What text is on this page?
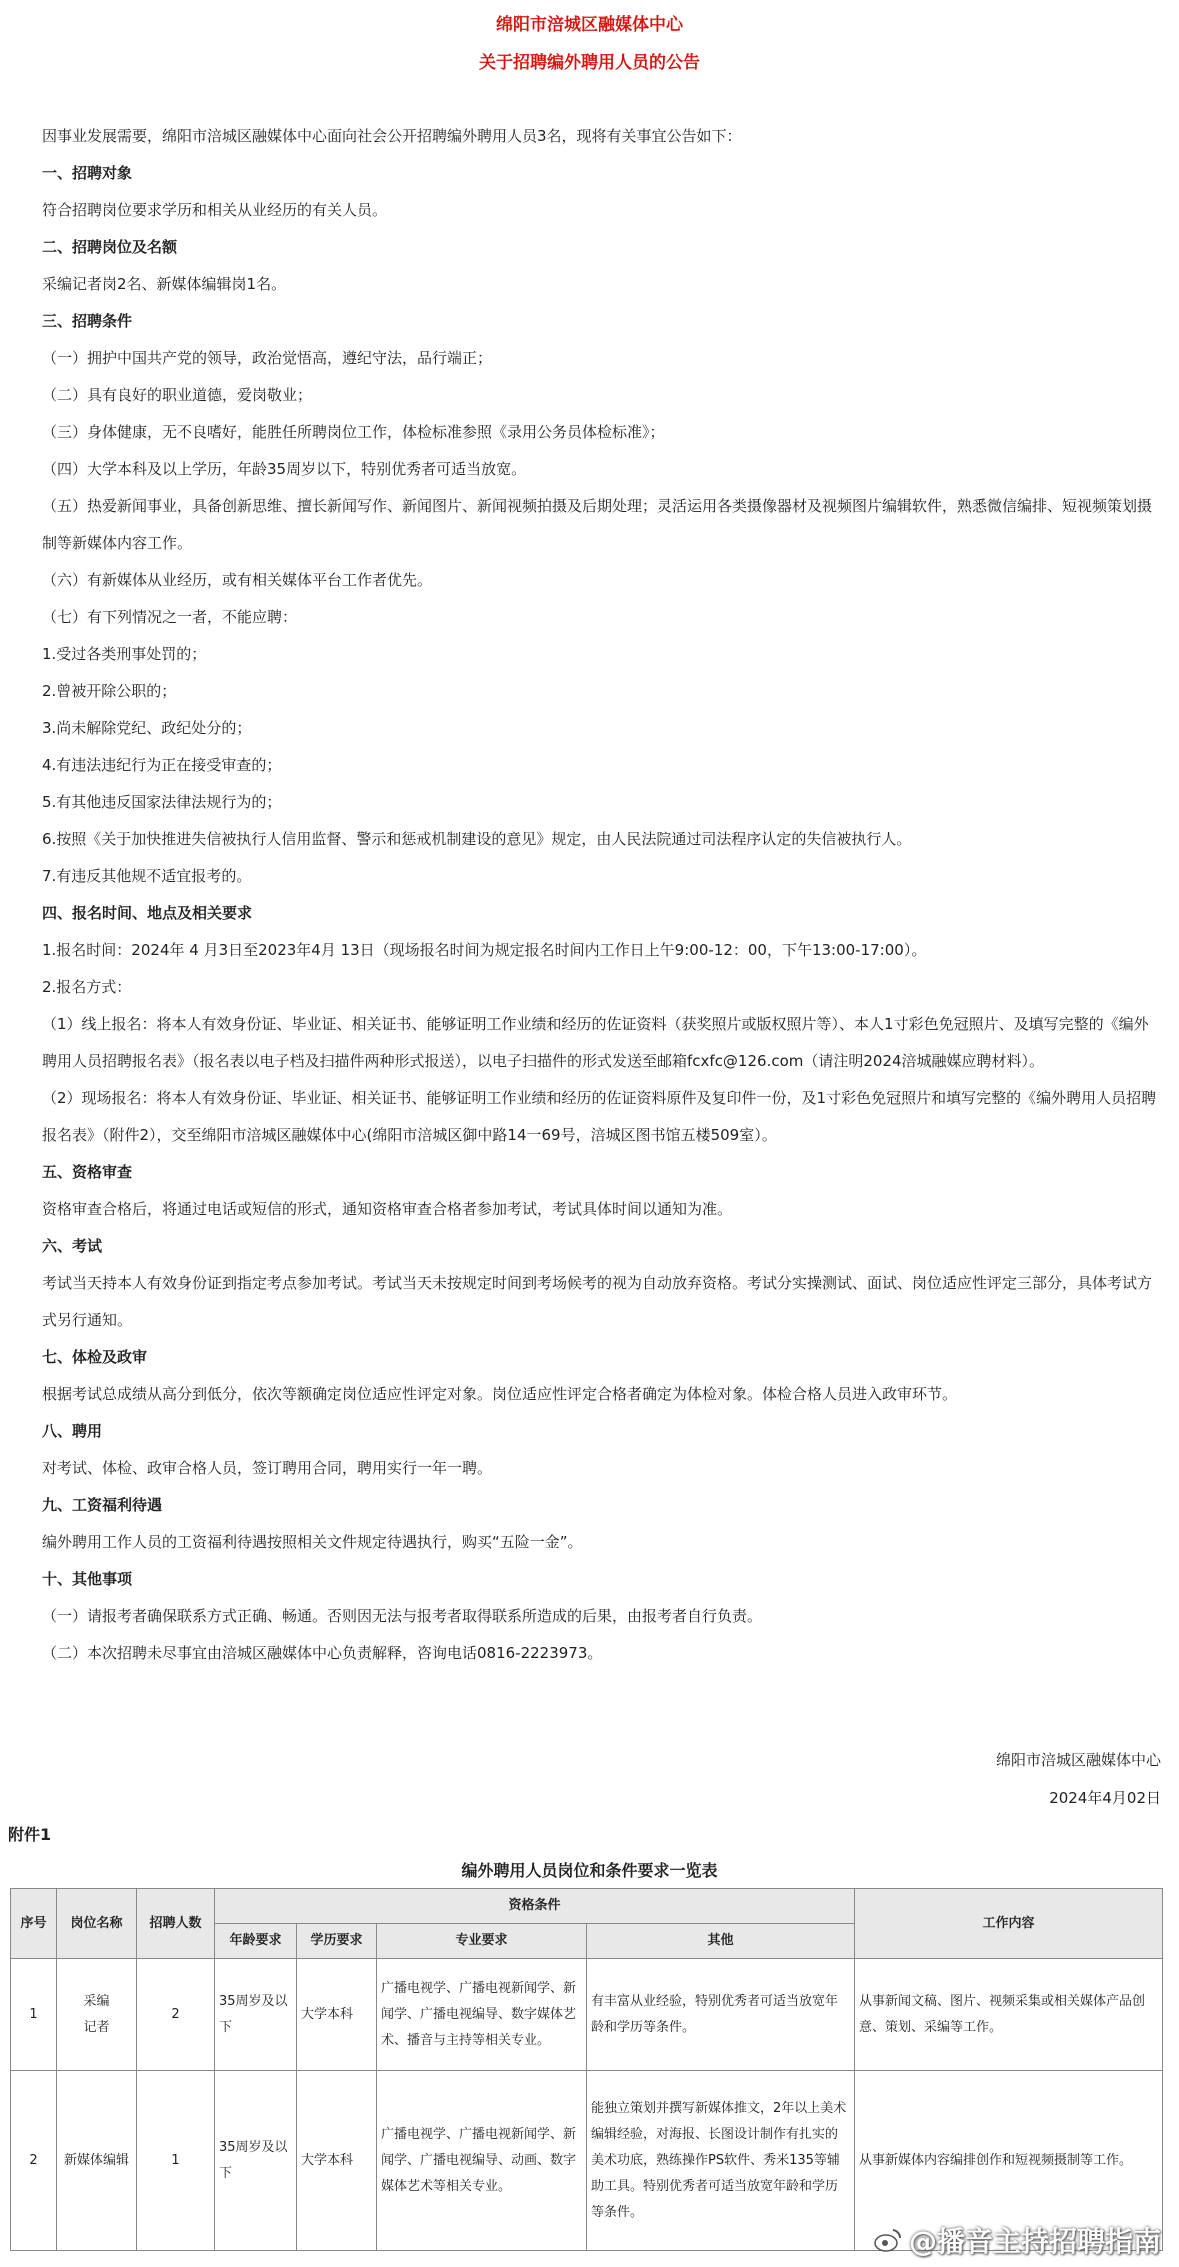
绵阳市涪城区融媒体中心
关于招聘编外聘用人员的公告
因事业发展需要，绵阳市涪城区融媒体中心面向社会公开招聘编外聘用人员3名，现将有关事宜公告如下：
一、招聘对象
符合招聘岗位要求学历和相关从业经历的有关人员。
二、招聘岗位及名额
采编记者岗2名、新媒体编辑岗1名。
三、招聘条件
（一）拥护中国共产党的领导，政治觉悟高，遵纪守法，品行端正；
（二）具有良好的职业道德，爱岗敬业；
（三）身体健康，无不良嗜好，能胜任所聘岗位工作，体检标准参照《录用公务员体检标准》；
（四）大学本科及以上学历，年龄35周岁以下，特别优秀者可适当放宽。
（五）热爱新闻事业，具备创新思维、擅长新闻写作、新闻图片、新闻视频拍摄及后期处理；灵活运用各类摄像器材及视频图片编辑软件，熟悉微信编排、短视频策划摄制等新媒体内容工作。
（六）有新媒体从业经历，或有相关媒体平台工作者优先。
（七）有下列情况之一者，不能应聘：
1.受过各类刑事处罚的；
2.曾被开除公职的；
3.尚未解除党纪、政纪处分的；
4.有违法违纪行为正在接受审查的；
5.有其他违反国家法律法规行为的；
6.按照《关于加快推进失信被执行人信用监督、警示和惩戒机制建设的意见》规定，由人民法院通过司法程序认定的失信被执行人。
7.有违反其他规不适宜报考的。
四、报名时间、地点及相关要求
1.报名时间：2024年 4 月3日至2023年4月 13日（现场报名时间为规定报名时间内工作日上午9:00-12：00，下午13:00-17:00）。
2.报名方式：
（1）线上报名：将本人有效身份证、毕业证、相关证书、能够证明工作业绩和经历的佐证资料（获奖照片或版权照片等）、本人1寸彩色免冠照片、及填写完整的《编外聘用人员招聘报名表》（报名表以电子档及扫描件两种形式报送），以电子扫描件的形式发送至邮箱fcxfc@126.com（请注明2024涪城融媒应聘材料）。
（2）现场报名：将本人有效身份证、毕业证、相关证书、能够证明工作业绩和经历的佐证资料原件及复印件一份，及1寸彩色免冠照片和填写完整的《编外聘用人员招聘报名表》（附件2），交至绵阳市涪城区融媒体中心(绵阳市涪城区御中路14一69号，涪城区图书馆五楼509室）。
五、资格审查
资格审查合格后，将通过电话或短信的形式，通知资格审查合格者参加考试，考试具体时间以通知为准。
六、考试
考试当天持本人有效身份证到指定考点参加考试。考试当天未按规定时间到考场候考的视为自动放弃资格。考试分实操测试、面试、岗位适应性评定三部分，具体考试方式另行通知。
七、体检及政审
根据考试总成绩从高分到低分，依次等额确定岗位适应性评定对象。岗位适应性评定合格者确定为体检对象。体检合格人员进入政审环节。
八、聘用
对考试、体检、政审合格人员，签订聘用合同，聘用实行一年一聘。
九、工资福利待遇
编外聘用工作人员的工资福利待遇按照相关文件规定待遇执行，购买“五险一金”。
十、其他事项
（一）请报考者确保联系方式正确、畅通。否则因无法与报考者取得联系所造成的后果，由报考者自行负责。
（二）本次招聘未尽事宜由涪城区融媒体中心负责解释，咨询电话0816-2223973。
绵阳市涪城区融媒体中心
2024年4月02日
附件1
编外聘用人员岗位和条件要求一览表
序号	岗位名称	招聘人数	资格条件				工作内容
			年龄要求	学历要求	专业要求	其他	
1	采编
记者	2	35周岁及以下	大学本科	广播电视学、广播电视新闻学、新闻学、广播电视编导、数字媒体艺术、播音与主持等相关专业。	有丰富从业经验，特别优秀者可适当放宽年龄和学历等条件。	从事新闻文稿、图片、视频采集或相关媒体产品创意、策划、采编等工作。
2	新媒体编辑	1	35周岁及以下	大学本科	广播电视学、广播电视新闻学、新闻学、广播电视编导、动画、数字媒体艺术等相关专业。	能独立策划并撰写新媒体推文，2年以上美术编辑经验，对海报、长图设计制作有扎实的美术功底，熟练操作PS软件、秀米135等辅助工具。特别优秀者可适当放宽年龄和学历等条件。	从事新媒体内容编排创作和短视频摄制等工作。
@播音主持招聘指南
